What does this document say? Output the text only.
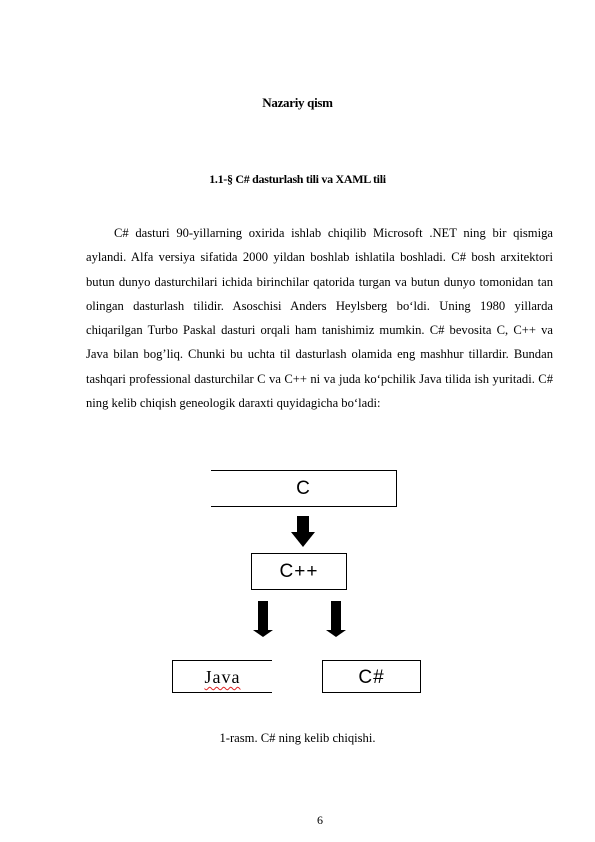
Nazariy qism
1.1-§ C# dasturlash tili va XAML tili

C# dasturi 90-yillarning oxirida ishlab chiqilib Microsoft .NET ning bir qismiga aylandi. Alfa versiya sifatida 2000 yildan boshlab ishlatila boshladi. C# bosh arxitektori butun dunyo dasturchilari ichida birinchilar qatorida turgan va butun dunyo tomonidan tan olingan dasturlash tilidir. Asoschisi Anders Heylsberg bo‘ldi. Uning 1980 yillarda chiqarilgan Turbo Paskal dasturi orqali ham tanishimiz mumkin. C# bevosita C, C++ va Java bilan bog’liq. Chunki bu uchta til dasturlash olamida eng mashhur tillardir. Bundan tashqari professional dasturchilar C va C++ ni va juda ko‘pchilik Java tilida ish yuritadi. C# ning kelib chiqish geneologik daraxti quyidagicha bo‘ladi:

C
C++
Java	C#
1-rasm. C# ning kelib chiqishi.
6
